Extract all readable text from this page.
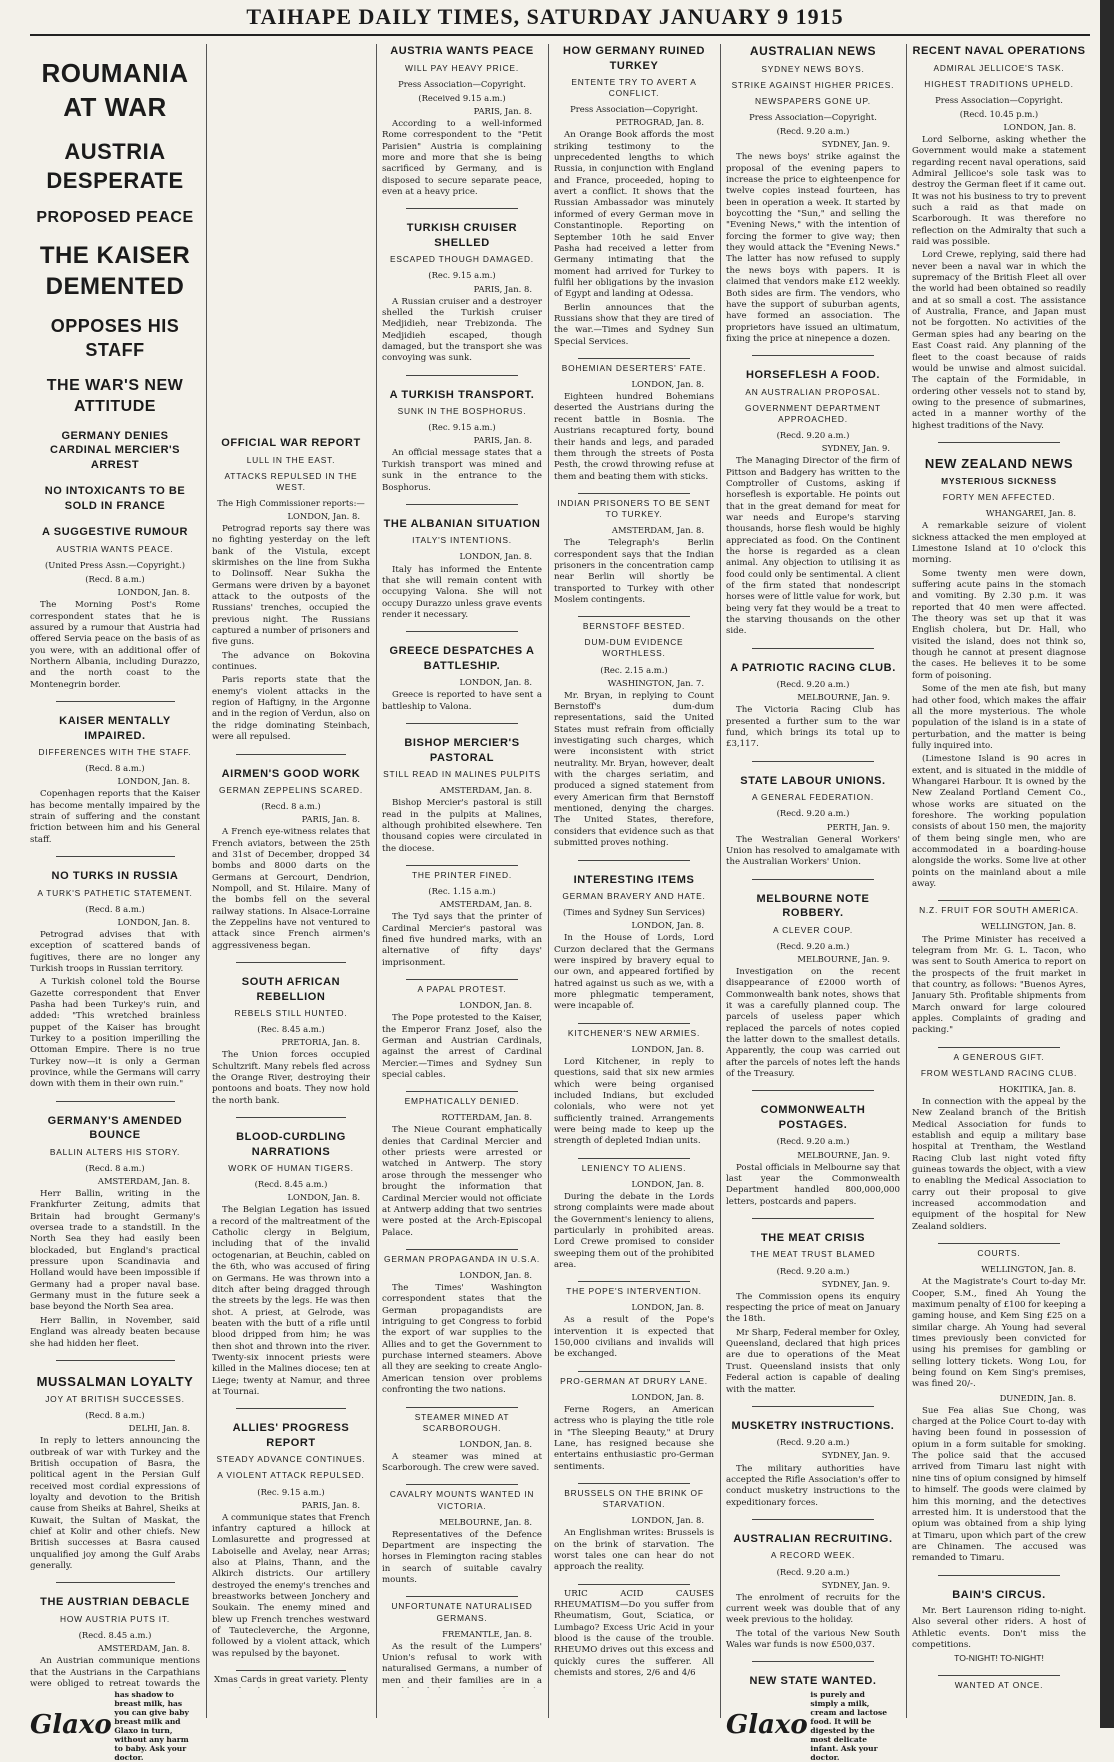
TAIHAPE DAILY TIMES, SATURDAY JANUARY 9 1915
ROUMANIA AT WAR
AUSTRIA DESPERATE
PROPOSED PEACE
THE KAISER DEMENTED
OPPOSES HIS STAFF
THE WAR'S NEW ATTITUDE
GERMANY DENIES CARDINAL MERCIER'S ARREST
NO INTOXICANTS TO BE SOLD IN FRANCE
A SUGGESTIVE RUMOUR
AUSTRIA WANTS PEACE.
(United Press Assn.—Copyright.)
(Recd. 8 a.m.)
LONDON, Jan. 8.

The Morning Post's Rome correspondent states that he is assured by a rumour that Austria had offered Servia peace on the basis of as you were, with an additional offer of Northern Albania, including Durazzo, and the north coast to the Montenegrin border.

KAISER MENTALLY IMPAIRED.
DIFFERENCES WITH THE STAFF.
(Recd. 8 a.m.)
LONDON, Jan. 8.

Copenhagen reports that the Kaiser has become mentally impaired by the strain of suffering and the constant friction between him and his General staff.

NO TURKS IN RUSSIA
A TURK'S PATHETIC STATEMENT.
(Recd. 8 a.m.)
LONDON, Jan. 8.

Petrograd advises that with exception of scattered bands of fugitives, there are no longer any Turkish troops in Russian territory.

A Turkish colonel told the Bourse Gazette correspondent that Enver Pasha had been Turkey's ruin, and added: "This wretched brainless puppet of the Kaiser has brought Turkey to a position imperilling the Ottoman Empire. There is no true Turkey now—it is only a German province, while the Germans will carry down with them in their own ruin."

GERMANY'S AMENDED BOUNCE
BALLIN ALTERS HIS STORY.
(Recd. 8 a.m.)
AMSTERDAM, Jan. 8.

Herr Ballin, writing in the Frankfurter Zeitung, admits that Britain had brought Germany's oversea trade to a standstill. In the North Sea they had easily been blockaded, but England's practical pressure upon Scandinavia and Holland would have been impossible if Germany had a proper naval base. Germany must in the future seek a base beyond the North Sea area.

Herr Ballin, in November, said England was already beaten because she had hidden her fleet.

MUSSALMAN LOYALTY
JOY AT BRITISH SUCCESSES.
(Recd. 8 a.m.)
DELHI, Jan. 8.

In reply to letters announcing the outbreak of war with Turkey and the British occupation of Basra, the political agent in the Persian Gulf received most cordial expressions of loyalty and devotion to the British cause from Sheiks at Bahrel, Sheiks at Kuwait, the Sultan of Maskat, the chief at Kolir and other chiefs. New British successes at Basra caused unqualified joy among the Gulf Arabs generally.

THE AUSTRIAN DEBACLE
HOW AUSTRIA PUTS IT.
(Recd. 8.45 a.m.)
AMSTERDAM, Jan. 8.

An Austrian communique mentions that the Austrians in the Carpathians were obliged to retreat towards the

OFFICIAL WAR REPORT
LULL IN THE EAST.
ATTACKS REPULSED IN THE WEST.
The High Commissioner reports:—
LONDON, Jan. 8.

Petrograd reports say there was no fighting yesterday on the left bank of the Vistula, except skirmishes on the line from Sukha to Dolinsoff. Near Sukha the Germans were driven by a bayonet attack to the outposts of the Russians' trenches, occupied the previous night. The Russians captured a number of prisoners and five guns.

The advance on Bokovina continues.

Paris reports state that the enemy's violent attacks in the region of Haftigny, in the Argonne and in the region of Verdun, also on the ridge dominating Steinbach, were all repulsed.

AIRMEN'S GOOD WORK
GERMAN ZEPPELINS SCARED.
(Recd. 8 a.m.)
PARIS, Jan. 8.

A French eye-witness relates that French aviators, between the 25th and 31st of December, dropped 34 bombs and 8000 darts on the Germans at Gercourt, Dendrion, Nompoll, and St. Hilaire. Many of the bombs fell on the several railway stations. In Alsace-Lorraine the Zeppelins have not ventured to attack since French airmen's aggressiveness began.

SOUTH AFRICAN REBELLION
REBELS STILL HUNTED.
(Rec. 8.45 a.m.)
PRETORIA, Jan. 8.

The Union forces occupied Schultzrift. Many rebels fled across the Orange River, destroying their pontoons and boats. They now hold the north bank.

BLOOD-CURDLING NARRATIONS
WORK OF HUMAN TIGERS.
(Recd. 8.45 a.m.)
LONDON, Jan. 8.

The Belgian Legation has issued a record of the maltreatment of the Catholic clergy in Belgium, including that of the invalid octogenarian, at Beuchin, cabled on the 6th, who was accused of firing on Germans. He was thrown into a ditch after being dragged through the streets by the legs. He was then shot. A priest, at Gelrode, was beaten with the butt of a rifle until blood dripped from him; he was then shot and thrown into the river. Twenty-six innocent priests were killed in the Malines diocese; ten at Liege; twenty at Namur, and three at Tournai.

ALLIES' PROGRESS REPORT
STEADY ADVANCE CONTINUES.
A VIOLENT ATTACK REPULSED.
(Rec. 9.15 a.m.)
PARIS, Jan. 8.

A communique states that French infantry captured a hillock at Lomlasurette and progressed at Laboiselle and Avelay, near Arras; also at Plains, Thann, and the Alkirch districts. Our artillery destroyed the enemy's trenches and breastworks between Jonchery and Soukain. The enemy mined and blew up French trenches westward of Tautecleverche, the Argonne, followed by a violent attack, which was repulsed by the bayonet.

Xmas Cards in great variety. Plenty

AUSTRIA WANTS PEACE
WILL PAY HEAVY PRICE.
Press Association—Copyright.
(Received 9.15 a.m.)
PARIS, Jan. 8.

According to a well-informed Rome correspondent to the "Petit Parisien" Austria is complaining more and more that she is being sacrificed by Germany, and is disposed to secure separate peace, even at a heavy price.

TURKISH CRUISER SHELLED
ESCAPED THOUGH DAMAGED.
(Rec. 9.15 a.m.)
PARIS, Jan. 8.

A Russian cruiser and a destroyer shelled the Turkish cruiser Medjidieh, near Trebizonda. The Medjidieh escaped, though damaged, but the transport she was convoying was sunk.

A TURKISH TRANSPORT.
SUNK IN THE BOSPHORUS.
(Rec. 9.15 a.m.)
PARIS, Jan. 8.

An official message states that a Turkish transport was mined and sunk in the entrance to the Bosphorus.

THE ALBANIAN SITUATION
ITALY'S INTENTIONS.
LONDON, Jan. 8.

Italy has informed the Entente that she will remain content with occupying Valona. She will not occupy Durazzo unless grave events render it necessary.

GREECE DESPATCHES A BATTLESHIP.
LONDON, Jan. 8.

Greece is reported to have sent a battleship to Valona.

BISHOP MERCIER'S PASTORAL
STILL READ IN MALINES PULPITS
AMSTERDAM, Jan. 8.

Bishop Mercier's pastoral is still read in the pulpits at Malines, although prohibited elsewhere. Ten thousand copies were circulated in the diocese.

THE PRINTER FINED.
(Rec. 1.15 a.m.)
AMSTERDAM, Jan. 8.

The Tyd says that the printer of Cardinal Mercier's pastoral was fined five hundred marks, with an alternative of fifty days' imprisonment.

A PAPAL PROTEST.
LONDON, Jan. 8.

The Pope protested to the Kaiser, the Emperor Franz Josef, also the German and Austrian Cardinals, against the arrest of Cardinal Mercier.—Times and Sydney Sun special cables.

EMPHATICALLY DENIED.
ROTTERDAM, Jan. 8.

The Nieue Courant emphatically denies that Cardinal Mercier and other priests were arrested or watched in Antwerp. The story arose through the messenger who brought the information that Cardinal Mercier would not officiate at Antwerp adding that two sentries were posted at the Arch-Episcopal Palace.

GERMAN PROPAGANDA IN U.S.A.
LONDON, Jan. 8.

The Times' Washington correspondent states that the German propagandists are intriguing to get Congress to forbid the export of war supplies to the Allies and to get the Government to purchase interned steamers. Above all they are seeking to create Anglo-American tension over problems confronting the two nations.

STEAMER MINED AT SCARBOROUGH.
LONDON, Jan. 8.

A steamer was mined at Scarborough. The crew were saved.

CAVALRY MOUNTS WANTED IN VICTORIA.
MELBOURNE, Jan. 8.

Representatives of the Defence Department are inspecting the horses in Flemington racing stables in search of suitable cavalry mounts.

UNFORTUNATE NATURALISED GERMANS.
FREMANTLE, Jan. 8.

As the result of the Lumpers' Union's refusal to work with naturalised Germans, a number of men and their families are in a

HOW GERMANY RUINED TURKEY
ENTENTE TRY TO AVERT A CONFLICT.
Press Association—Copyright.
PETROGRAD, Jan. 8.

An Orange Book affords the most striking testimony to the unprecedented lengths to which Russia, in conjunction with England and France, proceeded, hoping to avert a conflict. It shows that the Russian Ambassador was minutely informed of every German move in Constantinople. Reporting on September 10th he said Enver Pasha had received a letter from Germany intimating that the moment had arrived for Turkey to fulfil her obligations by the invasion of Egypt and landing at Odessa.

Berlin announces that the Russians show that they are tired of the war.—Times and Sydney Sun Special Services.

BOHEMIAN DESERTERS' FATE.
LONDON, Jan. 8.

Eighteen hundred Bohemians deserted the Austrians during the recent battle in Bosnia. The Austrians recaptured forty, bound their hands and legs, and paraded them through the streets of Posta Pesth, the crowd throwing refuse at them and beating them with sticks.

INDIAN PRISONERS TO BE SENT TO TURKEY.
AMSTERDAM, Jan. 8.

The Telegraph's Berlin correspondent says that the Indian prisoners in the concentration camp near Berlin will shortly be transported to Turkey with other Moslem contingents.

BERNSTOFF BESTED.
DUM-DUM EVIDENCE WORTHLESS.
(Rec. 2.15 a.m.)
WASHINGTON, Jan. 7.

Mr. Bryan, in replying to Count Bernstoff's dum-dum representations, said the United States must refrain from officially investigating such charges, which were inconsistent with strict neutrality. Mr. Bryan, however, dealt with the charges seriatim, and produced a signed statement from every American firm that Bernstoff mentioned, denying the charges. The United States, therefore, considers that evidence such as that submitted proves nothing.

INTERESTING ITEMS
GERMAN BRAVERY AND HATE.
(Times and Sydney Sun Services)
LONDON, Jan. 8.

In the House of Lords, Lord Curzon declared that the Germans were inspired by bravery equal to our own, and appeared fortified by hatred against us such as we, with a more phlegmatic temperament, were incapable of.

KITCHENER'S NEW ARMIES.
LONDON, Jan. 8.

Lord Kitchener, in reply to questions, said that six new armies which were being organised included Indians, but excluded colonials, who were not yet sufficiently trained. Arrangements were being made to keep up the strength of depleted Indian units.

LENIENCY TO ALIENS.
LONDON, Jan. 8.

During the debate in the Lords strong complaints were made about the Government's leniency to aliens, particularly in prohibited areas. Lord Crewe promised to consider sweeping them out of the prohibited area.

THE POPE'S INTERVENTION.
LONDON, Jan. 8.

As a result of the Pope's intervention it is expected that 150,000 civilians and invalids will be exchanged.

PRO-GERMAN AT DRURY LANE.
LONDON, Jan. 8.

Ferne Rogers, an American actress who is playing the title role in "The Sleeping Beauty," at Drury Lane, has resigned because she entertains enthusiastic pro-German sentiments.

BRUSSELS ON THE BRINK OF STARVATION.
LONDON, Jan. 8.

An Englishman writes: Brussels is on the brink of starvation. The worst tales one can hear do not approach the reality.

URIC ACID CAUSES RHEUMATISM—Do you suffer from Rheumatism, Gout, Sciatica, or Lumbago? Excess Uric Acid in your blood is the cause of the trouble. RHEUMO drives out this excess and quickly cures the sufferer. All chemists and stores, 2/6 and 4/6

AUSTRALIAN NEWS
SYDNEY NEWS BOYS.
STRIKE AGAINST HIGHER PRICES.
NEWSPAPERS GONE UP.
Press Association—Copyright.
(Recd. 9.20 a.m.)
SYDNEY, Jan. 9.

The news boys' strike against the proposal of the evening papers to increase the price to eighteenpence for twelve copies instead fourteen, has been in operation a week. It started by boycotting the "Sun," and selling the "Evening News," with the intention of forcing the former to give way; then they would attack the "Evening News." The latter has now refused to supply the news boys with papers. It is claimed that vendors make £12 weekly. Both sides are firm. The vendors, who have the support of suburban agents, have formed an association. The proprietors have issued an ultimatum, fixing the price at ninepence a dozen.

HORSEFLESH A FOOD.
AN AUSTRALIAN PROPOSAL.
GOVERNMENT DEPARTMENT APPROACHED.
(Recd. 9.20 a.m.)
SYDNEY, Jan. 9.

The Managing Director of the firm of Pittson and Badgery has written to the Comptroller of Customs, asking if horseflesh is exportable. He points out that in the great demand for meat for war needs and Europe's starving thousands, horse flesh would be highly appreciated as food. On the Continent the horse is regarded as a clean animal. Any objection to utilising it as food could only be sentimental. A client of the firm stated that nondescript horses were of little value for work, but being very fat they would be a treat to the starving thousands on the other side.

A PATRIOTIC RACING CLUB.
(Recd. 9.20 a.m.)
MELBOURNE, Jan. 9.

The Victoria Racing Club has presented a further sum to the war fund, which brings its total up to £3,117.

STATE LABOUR UNIONS.
A GENERAL FEDERATION.
(Recd. 9.20 a.m.)
PERTH, Jan. 9.

The Westralian General Workers' Union has resolved to amalgamate with the Australian Workers' Union.

MELBOURNE NOTE ROBBERY.
A CLEVER COUP.
(Recd. 9.20 a.m.)
MELBOURNE, Jan. 9.

Investigation on the recent disappearance of £2000 worth of Commonwealth bank notes, shows that it was a carefully planned coup. The parcels of useless paper which replaced the parcels of notes copied the latter down to the smallest details. Apparently, the coup was carried out after the parcels of notes left the hands of the Treasury.

COMMONWEALTH POSTAGES.
(Recd. 9.20 a.m.)
MELBOURNE, Jan. 9.

Postal officials in Melbourne say that last year the Commonwealth Department handled 800,000,000 letters, postcards and papers.

THE MEAT CRISIS
THE MEAT TRUST BLAMED
(Recd. 9.20 a.m.)
SYDNEY, Jan. 9.

The Commission opens its enquiry respecting the price of meat on January the 18th.

Mr Sharp, Federal member for Oxley, Queensland, declared that high prices are due to operations of the Meat Trust. Queensland insists that only Federal action is capable of dealing with the matter.

MUSKETRY INSTRUCTIONS.
(Recd. 9.20 a.m.)
SYDNEY, Jan. 9.

The military authorities have accepted the Rifle Association's offer to conduct musketry instructions to the expeditionary forces.

AUSTRALIAN RECRUITING.
A RECORD WEEK.
(Recd. 9.20 a.m.)
SYDNEY, Jan. 9.

The enrolment of recruits for the current week was double that of any week previous to the holiday.

The total of the various New South Wales war funds is now £500,037.

NEW STATE WANTED.

RECENT NAVAL OPERATIONS
ADMIRAL JELLICOE'S TASK.
HIGHEST TRADITIONS UPHELD.
Press Association—Copyright.
(Recd. 10.45 p.m.)
LONDON, Jan. 8.

Lord Selborne, asking whether the Government would make a statement regarding recent naval operations, said Admiral Jellicoe's sole task was to destroy the German fleet if it came out. It was not his business to try to prevent such a raid as that made on Scarborough. It was therefore no reflection on the Admiralty that such a raid was possible.

Lord Crewe, replying, said there had never been a naval war in which the supremacy of the British Fleet all over the world had been obtained so readily and at so small a cost. The assistance of Australia, France, and Japan must not be forgotten. No activities of the German spies had any bearing on the East Coast raid. Any planning of the fleet to the coast because of raids would be unwise and almost suicidal. The captain of the Formidable, in ordering other vessels not to stand by, owing to the presence of submarines, acted in a manner worthy of the highest traditions of the Navy.

NEW ZEALAND NEWS
MYSTERIOUS SICKNESS
FORTY MEN AFFECTED.
WHANGAREI, Jan. 8.

A remarkable seizure of violent sickness attacked the men employed at Limestone Island at 10 o'clock this morning.

Some twenty men were down, suffering acute pains in the stomach and vomiting. By 2.30 p.m. it was reported that 40 men were affected. The theory was set up that it was English cholera, but Dr. Hall, who visited the island, does not think so, though he cannot at present diagnose the cases. He believes it to be some form of poisoning.

Some of the men ate fish, but many had other food, which makes the affair all the more mysterious. The whole population of the island is in a state of perturbation, and the matter is being fully inquired into.

(Limestone Island is 90 acres in extent, and is situated in the middle of Whangarei Harbour. It is owned by the New Zealand Portland Cement Co., whose works are situated on the foreshore. The working population consists of about 150 men, the majority of them being single men, who are accommodated in a boarding-house alongside the works. Some live at other points on the mainland about a mile away.

N.Z. FRUIT FOR SOUTH AMERICA.
WELLINGTON, Jan. 8.

The Prime Minister has received a telegram from Mr. G. L. Tacon, who was sent to South America to report on the prospects of the fruit market in that country, as follows: "Buenos Ayres, January 5th. Profitable shipments from March onward for large coloured apples. Complaints of grading and packing."

A GENEROUS GIFT.
FROM WESTLAND RACING CLUB.
HOKITIKA, Jan. 8.

In connection with the appeal by the New Zealand branch of the British Medical Association for funds to establish and equip a military base hospital at Trentham, the Westland Racing Club last night voted fifty guineas towards the object, with a view to enabling the Medical Association to carry out their proposal to give increased accommodation and equipment of the hospital for New Zealand soldiers.

COURTS.
WELLINGTON, Jan. 8.

At the Magistrate's Court to-day Mr. Cooper, S.M., fined Ah Young the maximum penalty of £100 for keeping a gaming house, and Kem Sing £25 on a similar charge. Ah Young had several times previously been convicted for using his premises for gambling or selling lottery tickets. Wong Lou, for being found on Kem Sing's premises, was fined 20/-.

DUNEDIN, Jan. 8.

Sue Fea alias Sue Chong, was charged at the Police Court to-day with having been found in possession of opium in a form suitable for smoking. The police said that the accused arrived from Timaru last night with nine tins of opium consigned by himself to himself. The goods were claimed by him this morning, and the detectives arrested him. It is understood that the opium was obtained from a ship lying at Timaru, upon which part of the crew are Chinamen. The accused was remanded to Timaru.

BAIN'S CIRCUS.

Mr. Bert Laurenson riding to-night. Also several other riders. A host of Athletic events. Don't miss the competitions.

TO-NIGHT! TO-NIGHT!
WANTED AT ONCE.

Glaxo has shadow to breast milk, has you can give baby breast milk and Glaxo in turn, without any harm to baby. Ask your doctor.
Glaxo is purely and simply a milk, cream and lactose food. It will be digested by the most delicate infant. Ask your doctor.
